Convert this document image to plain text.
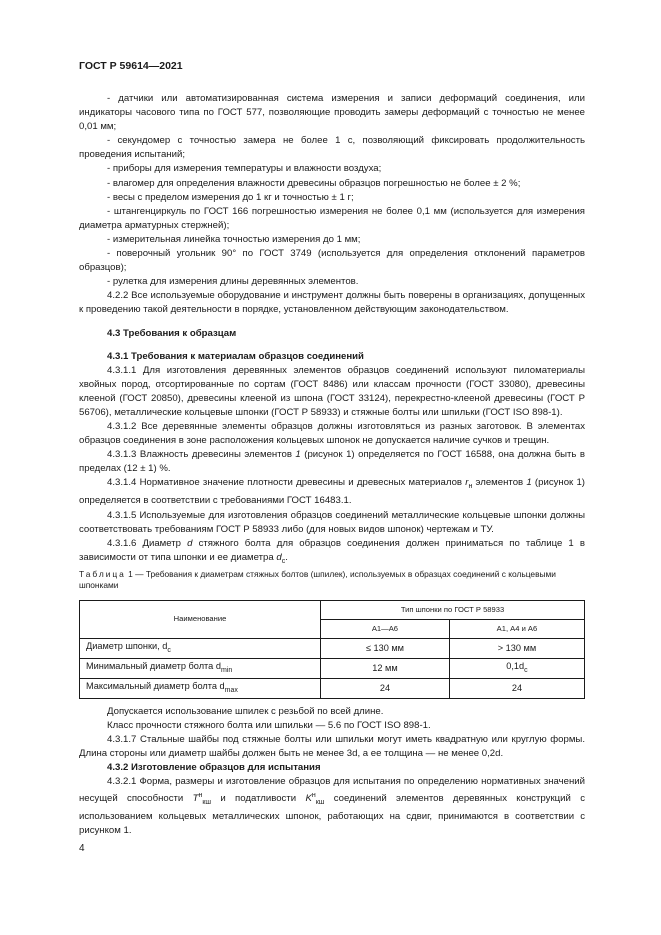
ГОСТ Р 59614—2021

- датчики или автоматизированная система измерения и записи деформаций соединения, или индикаторы часового типа по ГОСТ 577, позволяющие проводить замеры деформаций с точностью не менее 0,01 мм;

- секундомер с точностью замера не более 1 с, позволяющий фиксировать продолжительность проведения испытаний;

- приборы для измерения температуры и влажности воздуха;

- влагомер для определения влажности древесины образцов погрешностью не более ± 2 %;

- весы с пределом измерения до 1 кг и точностью ± 1 г;

- штангенциркуль по ГОСТ 166 погрешностью измерения не более 0,1 мм (используется для измерения диаметра арматурных стержней);

- измерительная линейка точностью измерения до 1 мм;

- поверочный угольник 90° по ГОСТ 3749 (используется для определения отклонений параметров образцов);

- рулетка для измерения длины деревянных элементов.

4.2.2 Все используемые оборудование и инструмент должны быть поверены в организациях, допущенных к проведению такой деятельности в порядке, установленном действующим законодательством.

4.3 Требования к образцам

4.3.1 Требования к материалам образцов соединений

4.3.1.1 Для изготовления деревянных элементов образцов соединений используют пиломатериалы хвойных пород, отсортированные по сортам (ГОСТ 8486) или классам прочности (ГОСТ 33080), древесины клееной (ГОСТ 20850), древесины клееной из шпона (ГОСТ 33124), перекрестно-клееной древесины (ГОСТ Р 56706), металлические кольцевые шпонки (ГОСТ Р 58933) и стяжные болты или шпильки (ГОСТ ISO 898-1).

4.3.1.2 Все деревянные элементы образцов должны изготовляться из разных заготовок. В элементах образцов соединения в зоне расположения кольцевых шпонок не допускается наличие сучков и трещин.

4.3.1.3 Влажность древесины элементов 1 (рисунок 1) определяется по ГОСТ 16588, она должна быть в пределах (12 ± 1) %.

4.3.1.4 Нормативное значение плотности древесины и древесных материалов $r_н$ элементов 1 (рисунок 1) определяется в соответствии с требованиями ГОСТ 16483.1.

4.3.1.5 Используемые для изготовления образцов соединений металлические кольцевые шпонки должны соответствовать требованиям ГОСТ Р 58933 либо (для новых видов шпонок) чертежам и ТУ.

4.3.1.6 Диаметр d стяжного болта для образцов соединения должен приниматься по таблице 1 в зависимости от типа шпонки и ее диаметра $d_c$.

Таблица 1 — Требования к диаметрам стяжных болтов (шпилек), используемых в образцах соединений с кольцевыми шпонками

Наименование	Тип шпонки по ГОСТ Р 58933	
	А1—А6	А1, А4 и А6
Диаметр шпонки, $d_c$	≤ 130 мм	> 130 мм
Минимальный диаметр болта $d_{min}$	12 мм	$0,1d_c$
Максимальный диаметр болта $d_{max}$	24	24

Допускается использование шпилек с резьбой по всей длине.

Класс прочности стяжного болта или шпильки — 5.6 по ГОСТ ISO 898-1.

4.3.1.7 Стальные шайбы под стяжные болты или шпильки могут иметь квадратную или круглую формы. Длина стороны или диаметр шайбы должен быть не менее 3d, а ее толщина — не менее 0,2d.

4.3.2 Изготовление образцов для испытания

4.3.2.1 Форма, размеры и изготовление образцов для испытания по определению нормативных значений несущей способности $T^н_{кш}$ и податливости $K^н_{кш}$ соединений элементов деревянных конструкций с использованием кольцевых металлических шпонок, работающих на сдвиг, принимаются в соответствии с рисунком 1.

4
